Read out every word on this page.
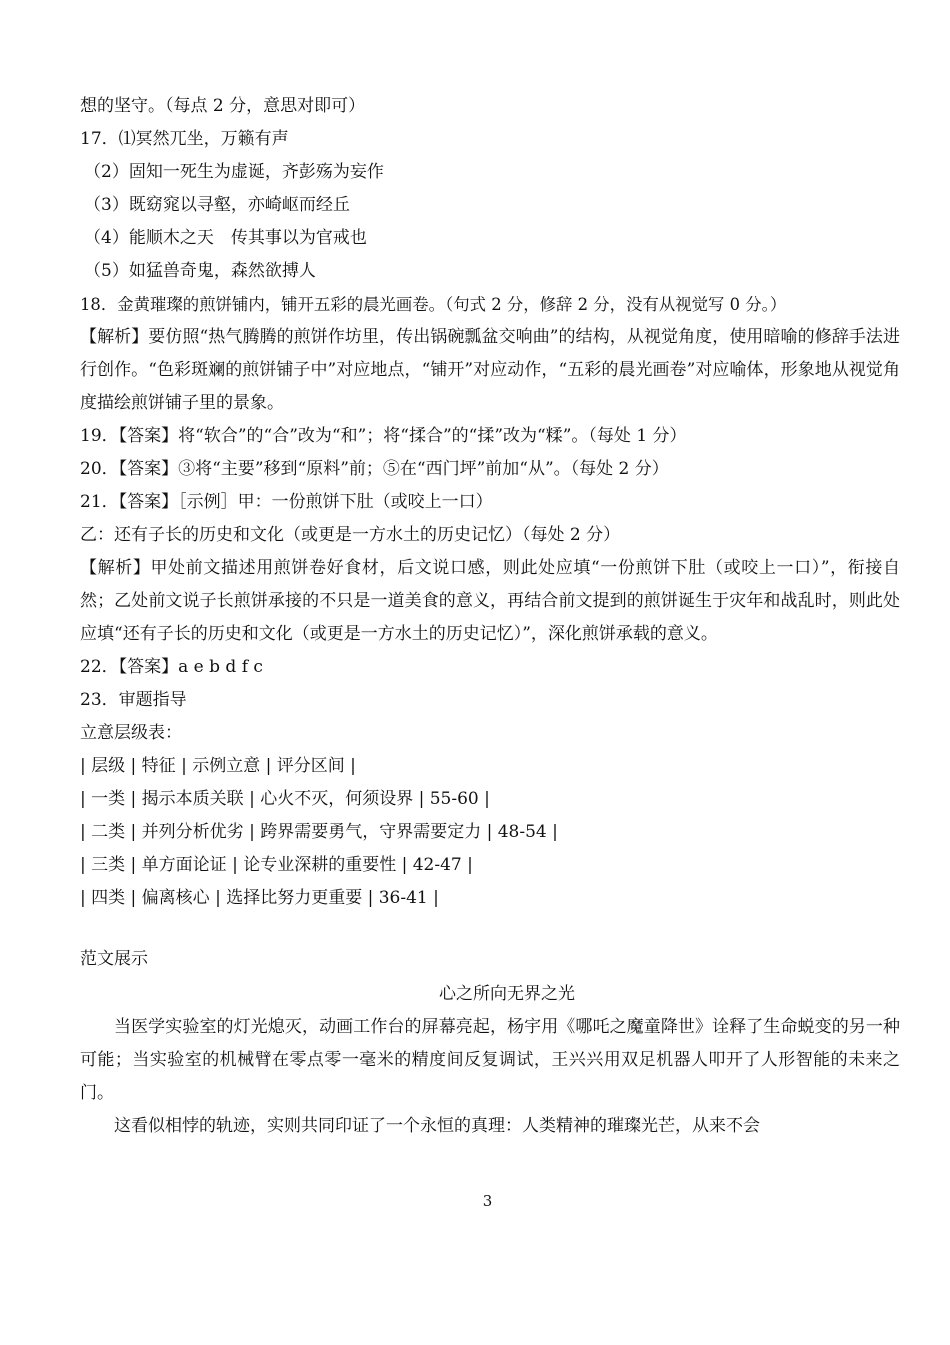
想的坚守。（每点 2 分，意思对即可）
17．⑴冥然兀坐，万籁有声
（2）固知一死生为虚诞，齐彭殇为妄作
（3）既窈窕以寻壑，亦崎岖而经丘
（4）能顺木之天　传其事以为官戒也
（5）如猛兽奇鬼，森然欲搏人
18．金黄璀璨的煎饼铺内，铺开五彩的晨光画卷。（句式 2 分，修辞 2 分，没有从视觉写 0 分。）
【解析】要仿照“热气腾腾的煎饼作坊里，传出锅碗瓢盆交响曲”的结构，从视觉角度，使用暗喻的修辞手法进行创作。“色彩斑斓的煎饼铺子中”对应地点，“铺开”对应动作，“五彩的晨光画卷”对应喻体，形象地从视觉角度描绘煎饼铺子里的景象。
19．【答案】将“软合”的“合”改为“和”；将“揉合”的“揉”改为“糅”。（每处 1 分）
20．【答案】③将“主要”移到“原料”前；⑤在“西门坪”前加“从”。（每处 2 分）
21．【答案】［示例］甲：一份煎饼下肚（或咬上一口）
乙：还有子长的历史和文化（或更是一方水土的历史记忆）（每处 2 分）
【解析】甲处前文描述用煎饼卷好食材，后文说口感，则此处应填“一份煎饼下肚（或咬上一口）”，衔接自然；乙处前文说子长煎饼承接的不只是一道美食的意义，再结合前文提到的煎饼诞生于灾年和战乱时，则此处应填“还有子长的历史和文化（或更是一方水土的历史记忆）”，深化煎饼承载的意义。
22．【答案】a e b d f c
23．审题指导
立意层级表：
| 层级 | 特征 | 示例立意 | 评分区间 |
| 一类 | 揭示本质关联 | 心火不灭，何须设界 | 55-60 |
| 二类 | 并列分析优劣 | 跨界需要勇气，守界需要定力 | 48-54 |
| 三类 | 单方面论证 | 论专业深耕的重要性 | 42-47 |
| 四类 | 偏离核心 | 选择比努力更重要 | 36-41 |
范文展示
心之所向无界之光
当医学实验室的灯光熄灭，动画工作台的屏幕亮起，杨宇用《哪吒之魔童降世》诠释了生命蜕变的另一种可能；当实验室的机械臂在零点零一毫米的精度间反复调试，王兴兴用双足机器人叩开了人形智能的未来之门。
这看似相悖的轨迹，实则共同印证了一个永恒的真理：人类精神的璀璨光芒，从来不会
3
